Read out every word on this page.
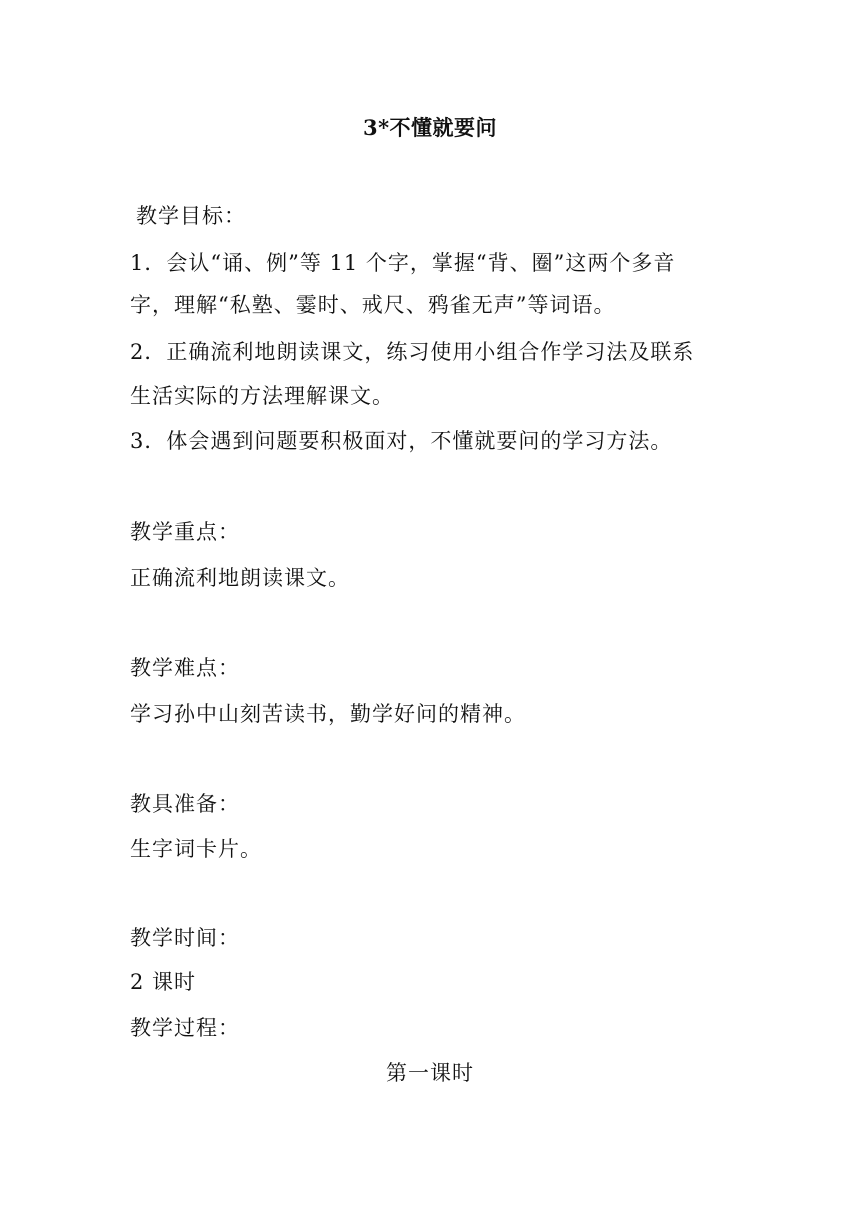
3*不懂就要问
教学目标：
1．会认“诵、例”等 11 个字，掌握“背、圈”这两个多音
字，理解“私塾、霎时、戒尺、鸦雀无声”等词语。
2．正确流利地朗读课文，练习使用小组合作学习法及联系
生活实际的方法理解课文。
3．体会遇到问题要积极面对，不懂就要问的学习方法。
教学重点：
正确流利地朗读课文。
教学难点：
学习孙中山刻苦读书，勤学好问的精神。
教具准备：
生字词卡片。
教学时间：
2 课时
教学过程：
第一课时
